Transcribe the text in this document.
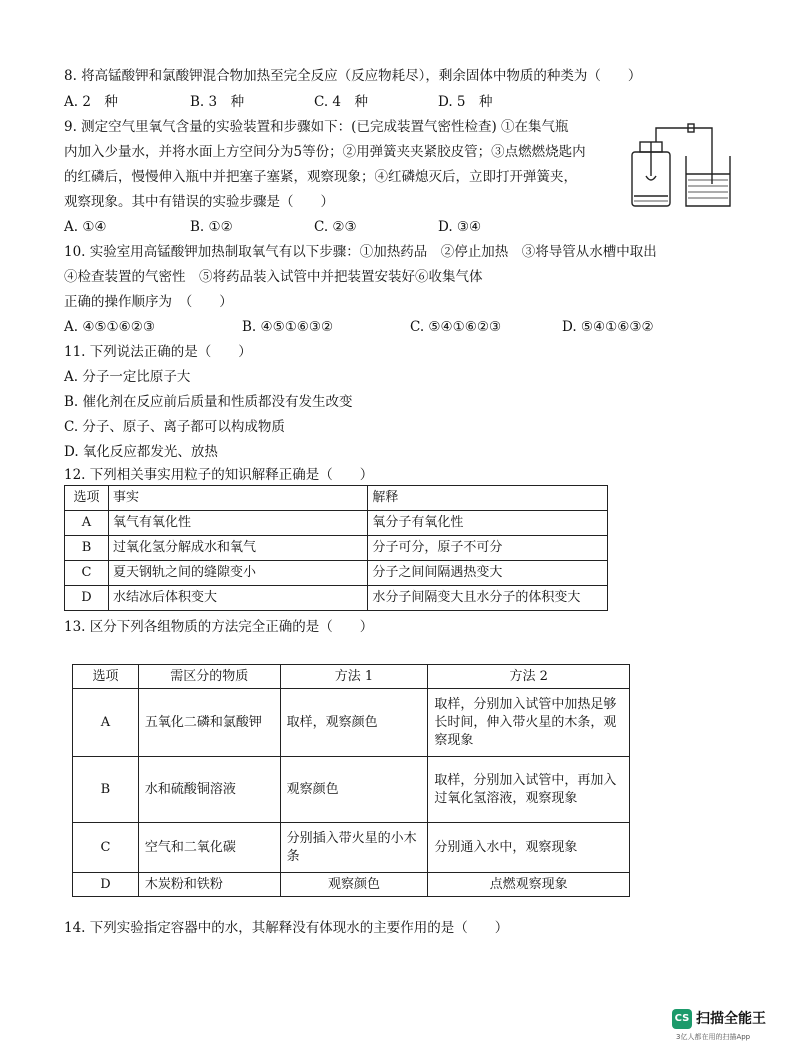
8. 将高锰酸钾和氯酸钾混合物加热至完全反应（反应物耗尽），剩余固体中物质的种类为（　　）
A. 2　种	B. 3　种	C. 4　种	D. 5　种
9. 测定空气里氧气含量的实验装置和步骤如下：(已完成装置气密性检查) ①在集气瓶
内加入少量水，并将水面上方空间分为5等份；②用弹簧夹夹紧胶皮管；③点燃燃烧匙内
的红磷后，慢慢伸入瓶中并把塞子塞紧，观察现象；④红磷熄灭后，立即打开弹簧夹，
观察现象。其中有错误的实验步骤是（　　）
A. ①④	B. ①②	C. ②③	D. ③④
10. 实验室用高锰酸钾加热制取氧气有以下步骤：①加热药品　②停止加热　③将导管从水槽中取出
④检查装置的气密性　⑤将药品装入试管中并把装置安装好⑥收集气体
正确的操作顺序为　（　　）
A. ④⑤①⑥②③	B. ④⑤①⑥③②	C. ⑤④①⑥②③	D. ⑤④①⑥③②
11. 下列说法正确的是（　　）
A. 分子一定比原子大
B. 催化剂在反应前后质量和性质都没有发生改变
C. 分子、原子、离子都可以构成物质
D. 氧化反应都发光、放热
12. 下列相关事实用粒子的知识解释正确是（　　）
选项	事实	解释
A	氧气有氧化性	氧分子有氧化性
B	过氧化氢分解成水和氧气	分子可分，原子不可分
C	夏天钢轨之间的缝隙变小	分子之间间隔遇热变大
D	水结冰后体积变大	水分子间隔变大且水分子的体积变大
13. 区分下列各组物质的方法完全正确的是（　　）
选项	需区分的物质	方法 1	方法 2
A	五氧化二磷和氯酸钾	取样，观察颜色	取样，分别加入试管中加热足够长时间，伸入带火星的木条，观察现象
B	水和硫酸铜溶液	观察颜色	取样，分别加入试管中，再加入过氧化氢溶液，观察现象
C	空气和二氧化碳	分别插入带火星的小木条	分别通入水中，观察现象
D	木炭粉和铁粉	观察颜色	点燃观察现象
14. 下列实验指定容器中的水，其解释没有体现水的主要作用的是（　　）
CS 扫描全能王
3亿人都在用的扫描App
